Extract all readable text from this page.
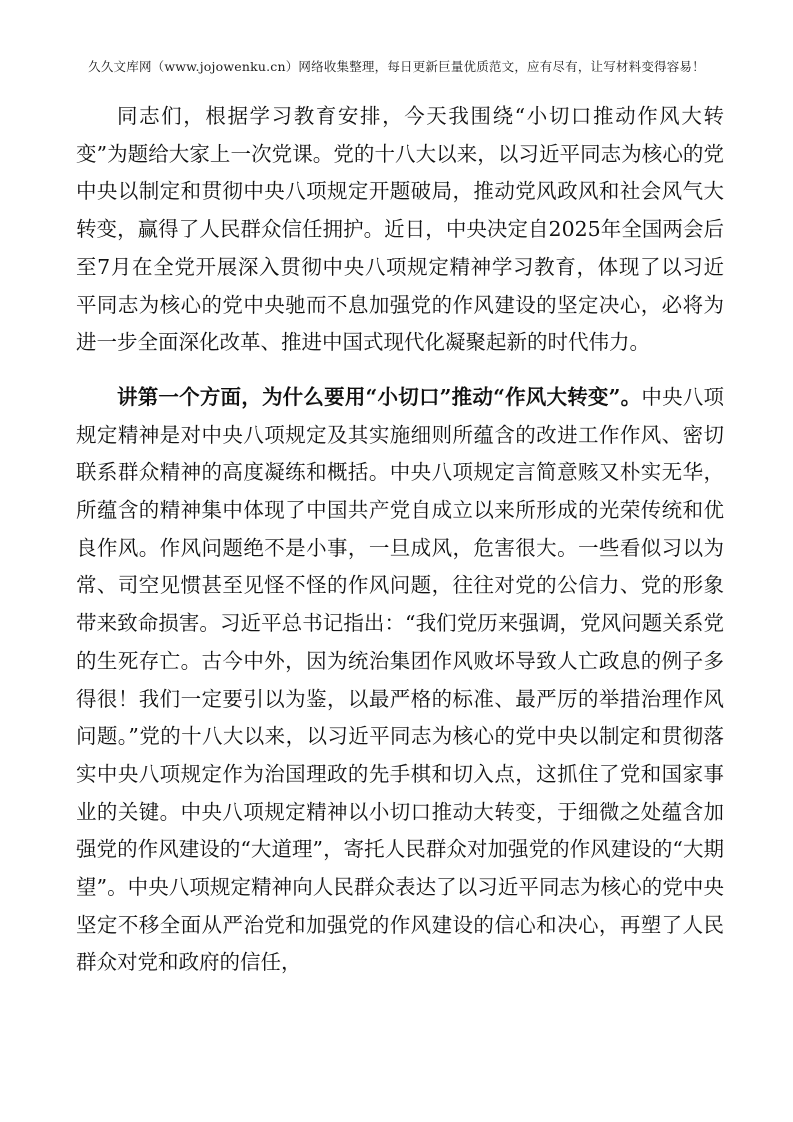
久久文库网（www.jojowenku.cn）网络收集整理，每日更新巨量优质范文，应有尽有，让写材料变得容易！

同志们，根据学习教育安排，今天我围绕“小切口推动作风大转变”为题给大家上一次党课。党的十八大以来，以习近平同志为核心的党中央以制定和贯彻中央八项规定开题破局，推动党风政风和社会风气大转变，赢得了人民群众信任拥护。近日，中央决定自2025年全国两会后至7月在全党开展深入贯彻中央八项规定精神学习教育，体现了以习近平同志为核心的党中央驰而不息加强党的作风建设的坚定决心，必将为进一步全面深化改革、推进中国式现代化凝聚起新的时代伟力。

讲第一个方面，为什么要用“小切口”推动“作风大转变”。中央八项规定精神是对中央八项规定及其实施细则所蕴含的改进工作作风、密切联系群众精神的高度凝练和概括。中央八项规定言简意赅又朴实无华，所蕴含的精神集中体现了中国共产党自成立以来所形成的光荣传统和优良作风。作风问题绝不是小事，一旦成风，危害很大。一些看似习以为常、司空见惯甚至见怪不怪的作风问题，往往对党的公信力、党的形象带来致命损害。习近平总书记指出：“我们党历来强调，党风问题关系党的生死存亡。古今中外，因为统治集团作风败坏导致人亡政息的例子多得很！我们一定要引以为鉴，以最严格的标准、最严厉的举措治理作风问题。”党的十八大以来，以习近平同志为核心的党中央以制定和贯彻落实中央八项规定作为治国理政的先手棋和切入点，这抓住了党和国家事业的关键。中央八项规定精神以小切口推动大转变，于细微之处蕴含加强党的作风建设的“大道理”，寄托人民群众对加强党的作风建设的“大期望”。中央八项规定精神向人民群众表达了以习近平同志为核心的党中央坚定不移全面从严治党和加强党的作风建设的信心和决心，再塑了人民群众对党和政府的信任，
